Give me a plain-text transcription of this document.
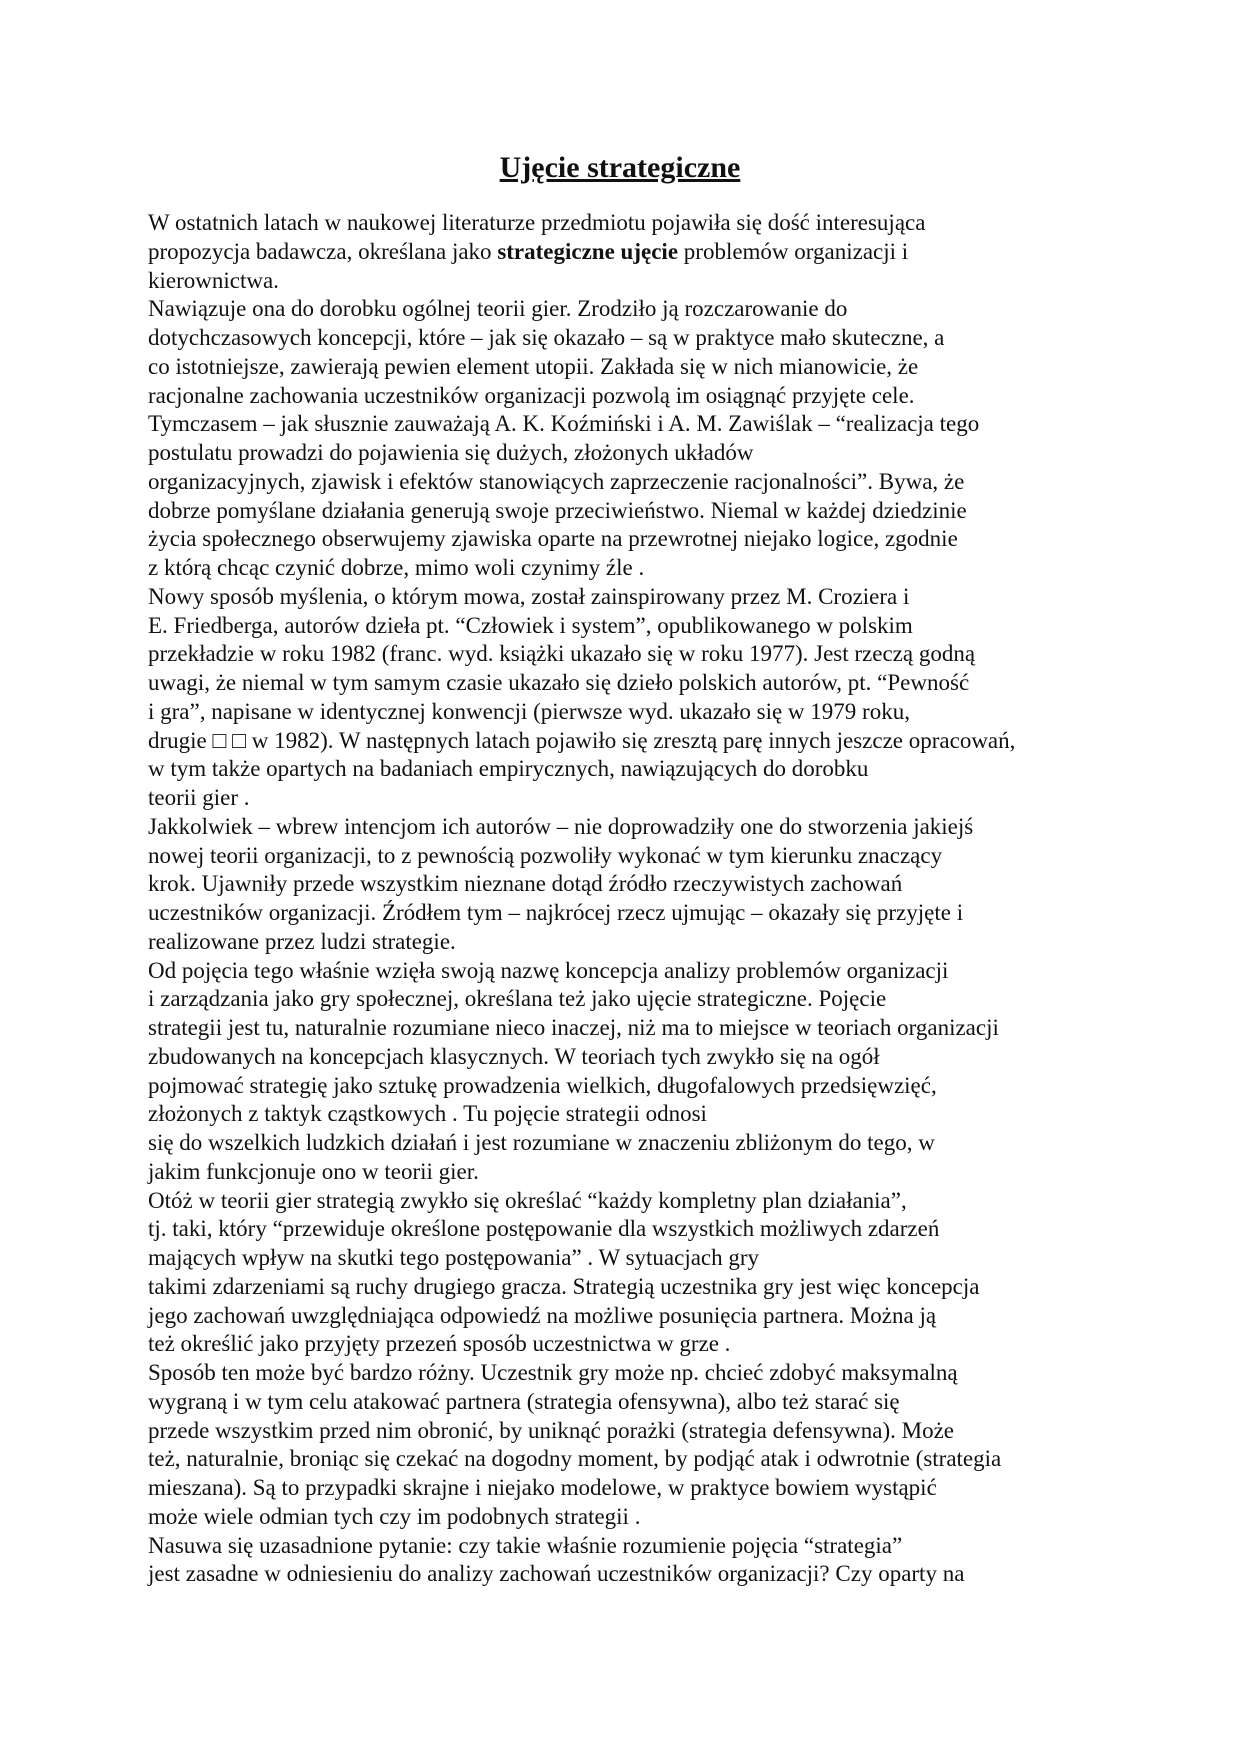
Ujęcie strategiczne
W ostatnich latach w naukowej literaturze przedmiotu pojawiła się dość interesująca
propozycja badawcza, określana jako strategiczne ujęcie problemów organizacji i
kierownictwa.
Nawiązuje ona do dorobku ogólnej teorii gier. Zrodziło ją rozczarowanie do
dotychczasowych koncepcji, które – jak się okazało – są w praktyce mało skuteczne, a
co istotniejsze, zawierają pewien element utopii. Zakłada się w nich mianowicie, że
racjonalne zachowania uczestników organizacji pozwolą im osiągnąć przyjęte cele.
Tymczasem – jak słusznie zauważają A. K. Koźmiński i A. M. Zawiślak – “realizacja tego
postulatu prowadzi do pojawienia się dużych, złożonych układów
organizacyjnych, zjawisk i efektów stanowiących zaprzeczenie racjonalności”. Bywa, że
dobrze pomyślane działania generują swoje przeciwieństwo. Niemal w każdej dziedzinie
życia społecznego obserwujemy zjawiska oparte na przewrotnej niejako logice, zgodnie
z którą chcąc czynić dobrze, mimo woli czynimy źle .
Nowy sposób myślenia, o którym mowa, został zainspirowany przez M. Croziera i
E. Friedberga, autorów dzieła pt. “Człowiek i system”, opublikowanego w polskim
przekładzie w roku 1982 (franc. wyd. książki ukazało się w roku 1977). Jest rzeczą godną
uwagi, że niemal w tym samym czasie ukazało się dzieło polskich autorów, pt. “Pewność
i gra”, napisane w identycznej konwencji (pierwsze wyd. ukazało się w 1979 roku,
drugie □ □ w 1982). W następnych latach pojawiło się zresztą parę innych jeszcze opracowań,
w tym także opartych na badaniach empirycznych, nawiązujących do dorobku
teorii gier .
Jakkolwiek – wbrew intencjom ich autorów – nie doprowadziły one do stworzenia jakiejś
nowej teorii organizacji, to z pewnością pozwoliły wykonać w tym kierunku znaczący
krok. Ujawniły przede wszystkim nieznane dotąd źródło rzeczywistych zachowań
uczestników organizacji. Źródłem tym – najkrócej rzecz ujmując – okazały się przyjęte i
realizowane przez ludzi strategie.
Od pojęcia tego właśnie wzięła swoją nazwę koncepcja analizy problemów organizacji
i zarządzania jako gry społecznej, określana też jako ujęcie strategiczne. Pojęcie
strategii jest tu, naturalnie rozumiane nieco inaczej, niż ma to miejsce w teoriach organizacji
zbudowanych na koncepcjach klasycznych. W teoriach tych zwykło się na ogół
pojmować strategię jako sztukę prowadzenia wielkich, długofalowych przedsięwzięć,
złożonych z taktyk cząstkowych . Tu pojęcie strategii odnosi
się do wszelkich ludzkich działań i jest rozumiane w znaczeniu zbliżonym do tego, w
jakim funkcjonuje ono w teorii gier.
Otóż w teorii gier strategią zwykło się określać “każdy kompletny plan działania”,
tj. taki, który “przewiduje określone postępowanie dla wszystkich możliwych zdarzeń
mających wpływ na skutki tego postępowania” . W sytuacjach gry
takimi zdarzeniami są ruchy drugiego gracza. Strategią uczestnika gry jest więc koncepcja
jego zachowań uwzględniająca odpowiedź na możliwe posunięcia partnera. Można ją
też określić jako przyjęty przezeń sposób uczestnictwa w grze .
Sposób ten może być bardzo różny. Uczestnik gry może np. chcieć zdobyć maksymalną
wygraną i w tym celu atakować partnera (strategia ofensywna), albo też starać się
przede wszystkim przed nim obronić, by uniknąć porażki (strategia defensywna). Może
też, naturalnie, broniąc się czekać na dogodny moment, by podjąć atak i odwrotnie (strategia
mieszana). Są to przypadki skrajne i niejako modelowe, w praktyce bowiem wystąpić
może wiele odmian tych czy im podobnych strategii .
Nasuwa się uzasadnione pytanie: czy takie właśnie rozumienie pojęcia “strategia”
jest zasadne w odniesieniu do analizy zachowań uczestników organizacji? Czy oparty na
